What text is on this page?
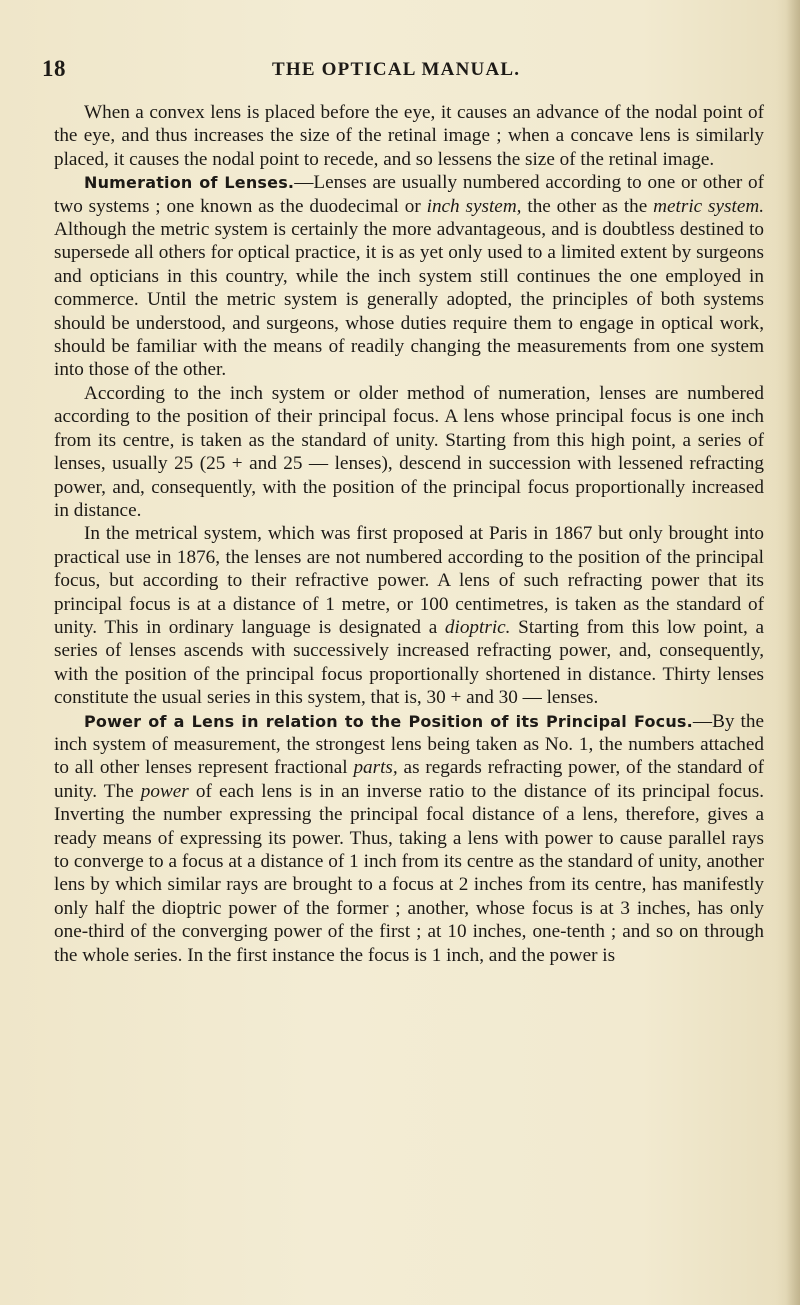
18	THE OPTICAL MANUAL.

When a convex lens is placed before the eye, it causes an advance of the nodal point of the eye, and thus increases the size of the retinal image ; when a concave lens is similarly placed, it causes the nodal point to recede, and so lessens the size of the retinal image.

Numeration of Lenses.—Lenses are usually numbered according to one or other of two systems ; one known as the duodecimal or inch system, the other as the metric system. Although the metric system is certainly the more advantageous, and is doubtless destined to supersede all others for optical practice, it is as yet only used to a limited extent by surgeons and opticians in this country, while the inch system still continues the one employed in commerce. Until the metric system is generally adopted, the principles of both systems should be understood, and surgeons, whose duties require them to engage in optical work, should be familiar with the means of readily changing the measurements from one system into those of the other.

According to the inch system or older method of numeration, lenses are numbered according to the position of their principal focus. A lens whose principal focus is one inch from its centre, is taken as the standard of unity. Starting from this high point, a series of lenses, usually 25 (25 + and 25 — lenses), descend in succession with lessened refracting power, and, consequently, with the position of the principal focus proportionally increased in distance.

In the metrical system, which was first proposed at Paris in 1867 but only brought into practical use in 1876, the lenses are not numbered according to the position of the principal focus, but according to their refractive power. A lens of such refracting power that its principal focus is at a distance of 1 metre, or 100 centimetres, is taken as the standard of unity. This in ordinary language is designated a dioptric. Starting from this low point, a series of lenses ascends with successively increased refracting power, and, consequently, with the position of the principal focus proportionally shortened in distance. Thirty lenses constitute the usual series in this system, that is, 30 + and 30 — lenses.

Power of a Lens in relation to the Position of its Principal Focus.—By the inch system of measurement, the strongest lens being taken as No. 1, the numbers attached to all other lenses represent fractional parts, as regards refracting power, of the standard of unity. The power of each lens is in an inverse ratio to the distance of its principal focus. Inverting the number expressing the principal focal distance of a lens, therefore, gives a ready means of expressing its power. Thus, taking a lens with power to cause parallel rays to converge to a focus at a distance of 1 inch from its centre as the standard of unity, another lens by which similar rays are brought to a focus at 2 inches from its centre, has manifestly only half the dioptric power of the former ; another, whose focus is at 3 inches, has only one-third of the converging power of the first ; at 10 inches, one-tenth ; and so on through the whole series. In the first instance the focus is 1 inch, and the power is
